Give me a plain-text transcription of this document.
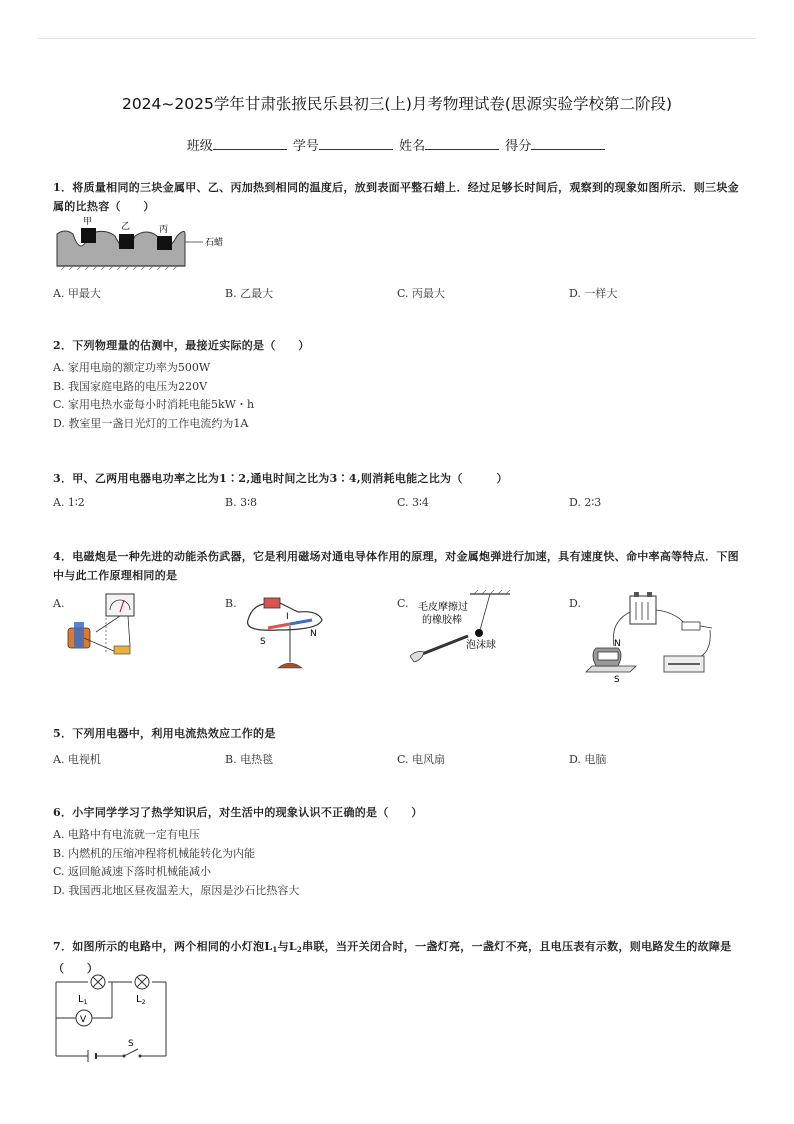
2024~2025学年甘肃张掖民乐县初三(上)月考物理试卷(思源实验学校第二阶段)
班级	学号	姓名	得分
1．将质量相同的三块金属甲、乙、丙加热到相同的温度后，放到表面平整石蜡上．经过足够长时间后，观察到的现象如图所示．则三块金属的比热容（　　）
甲	乙	丙
石蜡
A. 甲最大	B. 乙最大	C. 丙最大	D. 一样大
2．下列物理量的估测中，最接近实际的是（　　）
A. 家用电扇的额定功率为500W
B. 我国家庭电路的电压为220V
C. 家用电热水壶每小时消耗电能5kW・h
D. 教室里一盏日光灯的工作电流约为1A
3．甲、乙两用电器电功率之比为1∶2,通电时间之比为3∶4,则消耗电能之比为（　　　）
A. 1∶2	B. 3∶8	C. 3∶4	D. 2∶3
4．电磁炮是一种先进的动能杀伤武器，它是利用磁场对通电导体作用的原理，对金属炮弹进行加速，具有速度快、命中率高等特点．下图中与此工作原理相同的是
A.	B.	C.	D.
I
S
N
毛皮摩擦过
的橡胶棒
泡沫球	N
S
5．下列用电器中，利用电流热效应工作的是
A. 电视机	B. 电热毯	C. 电风扇	D. 电脑
6．小宇同学学习了热学知识后，对生活中的现象认识不正确的是（　　）
A. 电路中有电流就一定有电压
B. 内燃机的压缩冲程将机械能转化为内能
C. 返回舱减速下落时机械能减小
D. 我国西北地区昼夜温差大，原因是沙石比热容大
7．如图所示的电路中，两个相同的小灯泡$L_1$与$L_2$串联，当开关闭合时，一盏灯亮，一盏灯不亮，且电压表有示数，则电路发生的故障是（　　）
$L_1$	$L_2$
V
S
